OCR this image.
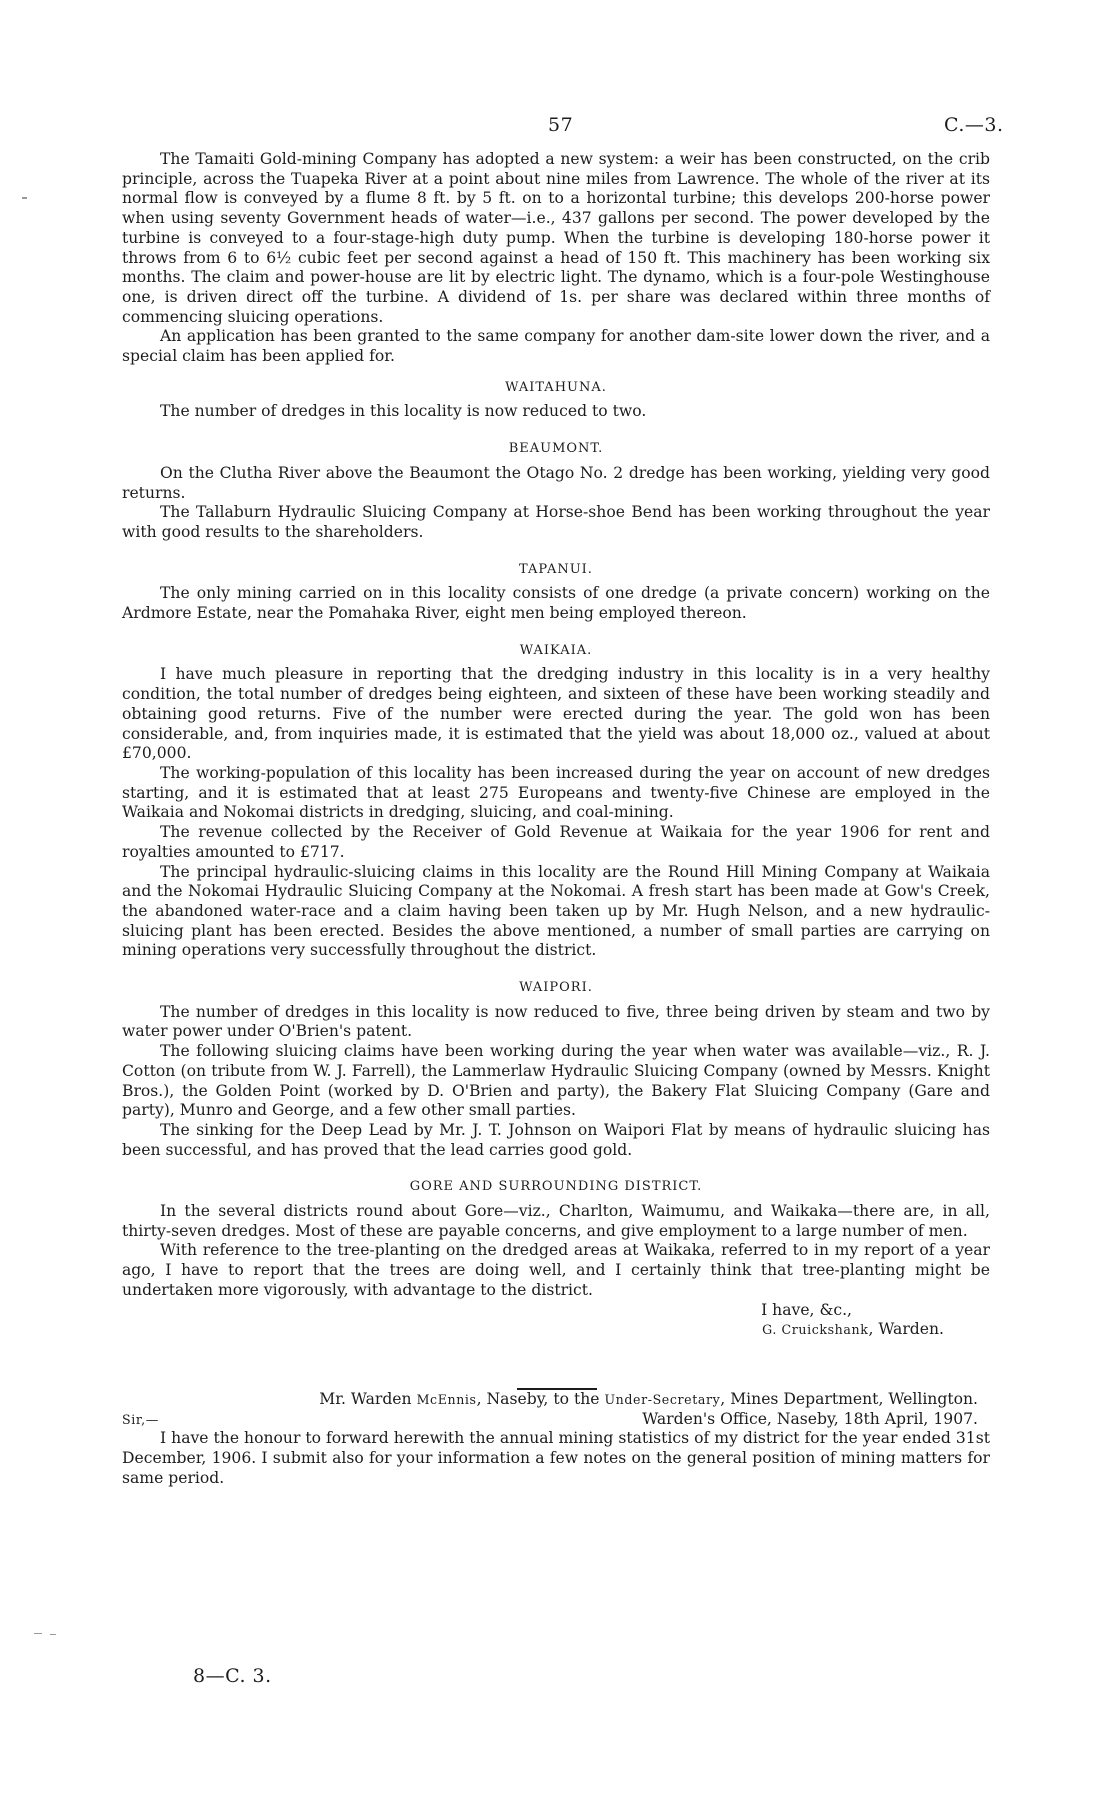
57	C.—3.

The Tamaiti Gold-mining Company has adopted a new system: a weir has been constructed, on the crib principle, across the Tuapeka River at a point about nine miles from Lawrence. The whole of the river at its normal flow is conveyed by a flume 8 ft. by 5 ft. on to a horizontal turbine; this develops 200-horse power when using seventy Government heads of water—i.e., 437 gallons per second. The power developed by the turbine is conveyed to a four-stage-high duty pump. When the turbine is developing 180-horse power it throws from 6 to 6½ cubic feet per second against a head of 150 ft. This machinery has been working six months. The claim and power-house are lit by electric light. The dynamo, which is a four-pole Westinghouse one, is driven direct off the turbine. A dividend of 1s. per share was declared within three months of commencing sluicing operations.

An application has been granted to the same company for another dam-site lower down the river, and a special claim has been applied for.

WAITAHUNA.

The number of dredges in this locality is now reduced to two.

BEAUMONT.

On the Clutha River above the Beaumont the Otago No. 2 dredge has been working, yielding very good returns.

The Tallaburn Hydraulic Sluicing Company at Horse-shoe Bend has been working throughout the year with good results to the shareholders.

TAPANUI.

The only mining carried on in this locality consists of one dredge (a private concern) working on the Ardmore Estate, near the Pomahaka River, eight men being employed thereon.

WAIKAIA.

I have much pleasure in reporting that the dredging industry in this locality is in a very healthy condition, the total number of dredges being eighteen, and sixteen of these have been working steadily and obtaining good returns. Five of the number were erected during the year. The gold won has been considerable, and, from inquiries made, it is estimated that the yield was about 18,000 oz., valued at about £70,000.

The working-population of this locality has been increased during the year on account of new dredges starting, and it is estimated that at least 275 Europeans and twenty-five Chinese are employed in the Waikaia and Nokomai districts in dredging, sluicing, and coal-mining.

The revenue collected by the Receiver of Gold Revenue at Waikaia for the year 1906 for rent and royalties amounted to £717.

The principal hydraulic-sluicing claims in this locality are the Round Hill Mining Company at Waikaia and the Nokomai Hydraulic Sluicing Company at the Nokomai. A fresh start has been made at Gow's Creek, the abandoned water-race and a claim having been taken up by Mr. Hugh Nelson, and a new hydraulic-sluicing plant has been erected. Besides the above mentioned, a number of small parties are carrying on mining operations very successfully throughout the district.

WAIPORI.

The number of dredges in this locality is now reduced to five, three being driven by steam and two by water power under O'Brien's patent.

The following sluicing claims have been working during the year when water was available—viz., R. J. Cotton (on tribute from W. J. Farrell), the Lammerlaw Hydraulic Sluicing Company (owned by Messrs. Knight Bros.), the Golden Point (worked by D. O'Brien and party), the Bakery Flat Sluicing Company (Gare and party), Munro and George, and a few other small parties.

The sinking for the Deep Lead by Mr. J. T. Johnson on Waipori Flat by means of hydraulic sluicing has been successful, and has proved that the lead carries good gold.

GORE AND SURROUNDING DISTRICT.

In the several districts round about Gore—viz., Charlton, Waimumu, and Waikaka—there are, in all, thirty-seven dredges. Most of these are payable concerns, and give employment to a large number of men.

With reference to the tree-planting on the dredged areas at Waikaka, referred to in my report of a year ago, I have to report that the trees are doing well, and I certainly think that tree-planting might be undertaken more vigorously, with advantage to the district.

I have, &c.,

G. Cruickshank, Warden.

Mr. Warden McEnnis, Naseby, to the Under-Secretary, Mines Department, Wellington.

Sir,—	Warden's Office, Naseby, 18th April, 1907.

I have the honour to forward herewith the annual mining statistics of my district for the year ended 31st December, 1906. I submit also for your information a few notes on the general position of mining matters for same period.

8—C. 3.
